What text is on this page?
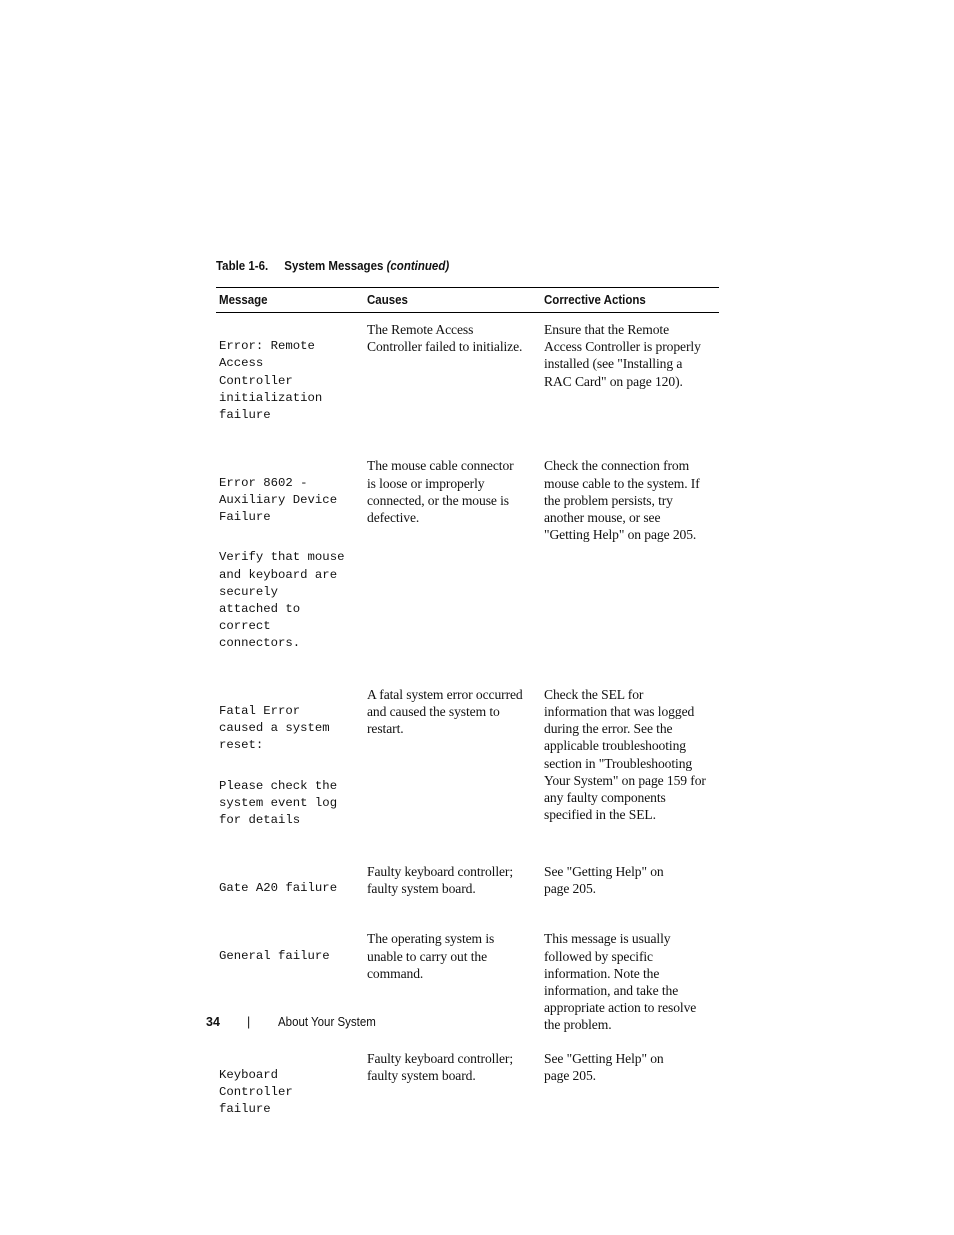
Table 1-6. System Messages (continued)
Message	Causes	Corrective Actions

Error: Remote
Access
Controller
initialization
failure

The Remote Access
Controller failed to initialize.
Ensure that the Remote
Access Controller is properly
installed (see "Installing a
RAC Card" on page 120).

Error 8602 -
Auxiliary Device
Failure

Verify that mouse
and keyboard are
securely
attached to
correct
connectors.

The mouse cable connector
is loose or improperly
connected, or the mouse is
defective.
Check the connection from
mouse cable to the system. If
the problem persists, try
another mouse, or see
"Getting Help" on page 205.

Fatal Error
caused a system
reset:

Please check the
system event log
for details

A fatal system error occurred
and caused the system to
restart.
Check the SEL for
information that was logged
during the error. See the
applicable troubleshooting
section in "Troubleshooting
Your System" on page 159 for
any faulty components
specified in the SEL.

Gate A20 failure

Faulty keyboard controller;
faulty system board.
See "Getting Help" on
page 205.

General failure

The operating system is
unable to carry out the
command.
This message is usually
followed by specific
information. Note the
information, and take the
appropriate action to resolve
the problem.

Keyboard
Controller
failure

Faulty keyboard controller;
faulty system board.
See "Getting Help" on
page 205.
34 | About Your System
